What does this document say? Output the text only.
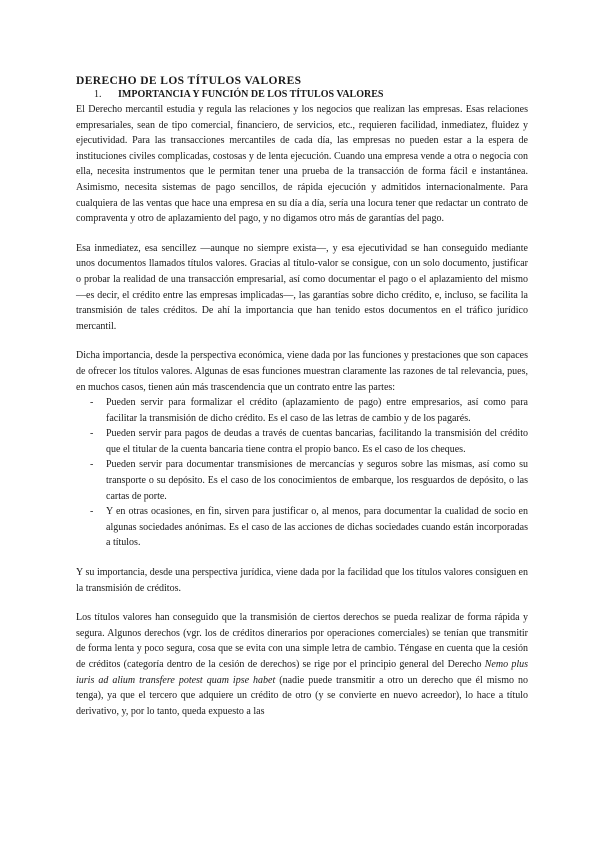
DERECHO DE LOS TÍTULOS VALORES
1.	IMPORTANCIA Y FUNCIÓN DE LOS TÍTULOS VALORES

El Derecho mercantil estudia y regula las relaciones y los negocios que realizan las empresas. Esas relaciones empresariales, sean de tipo comercial, financiero, de servicios, etc., requieren facilidad, inmediatez, fluidez y ejecutividad. Para las transacciones mercantiles de cada día, las empresas no pueden estar a la espera de instituciones civiles complicadas, costosas y de lenta ejecución. Cuando una empresa vende a otra o negocia con ella, necesita instrumentos que le permitan tener una prueba de la transacción de forma fácil e instantánea. Asimismo, necesita sistemas de pago sencillos, de rápida ejecución y admitidos internacionalmente. Para cualquiera de las ventas que hace una empresa en su día a día, sería una locura tener que redactar un contrato de compraventa y otro de aplazamiento del pago, y no digamos otro más de garantías del pago.

Esa inmediatez, esa sencillez —aunque no siempre exista—, y esa ejecutividad se han conseguido mediante unos documentos llamados títulos valores. Gracias al título-valor se consigue, con un solo documento, justificar o probar la realidad de una transacción empresarial, así como documentar el pago o el aplazamiento del mismo —es decir, el crédito entre las empresas implicadas—, las garantías sobre dicho crédito, e, incluso, se facilita la transmisión de tales créditos. De ahí la importancia que han tenido estos documentos en el tráfico jurídico mercantil.

Dicha importancia, desde la perspectiva económica, viene dada por las funciones y prestaciones que son capaces de ofrecer los títulos valores. Algunas de esas funciones muestran claramente las razones de tal relevancia, pues, en muchos casos, tienen aún más trascendencia que un contrato entre las partes:

- Pueden servir para formalizar el crédito (aplazamiento de pago) entre empresarios, así como para facilitar la transmisión de dicho crédito. Es el caso de las letras de cambio y de los pagarés.
- Pueden servir para pagos de deudas a través de cuentas bancarias, facilitando la transmisión del crédito que el titular de la cuenta bancaria tiene contra el propio banco. Es el caso de los cheques.
- Pueden servir para documentar transmisiones de mercancías y seguros sobre las mismas, así como su transporte o su depósito. Es el caso de los conocimientos de embarque, los resguardos de depósito, o las cartas de porte.
- Y en otras ocasiones, en fin, sirven para justificar o, al menos, para documentar la cualidad de socio en algunas sociedades anónimas. Es el caso de las acciones de dichas sociedades cuando están incorporadas a títulos.

Y su importancia, desde una perspectiva jurídica, viene dada por la facilidad que los títulos valores consiguen en la transmisión de créditos.

Los títulos valores han conseguido que la transmisión de ciertos derechos se pueda realizar de forma rápida y segura. Algunos derechos (vgr. los de créditos dinerarios por operaciones comerciales) se tenían que transmitir de forma lenta y poco segura, cosa que se evita con una simple letra de cambio. Téngase en cuenta que la cesión de créditos (categoría dentro de la cesión de derechos) se rige por el principio general del Derecho Nemo plus iuris ad alium transfere potest quam ipse habet (nadie puede transmitir a otro un derecho que él mismo no tenga), ya que el tercero que adquiere un crédito de otro (y se convierte en nuevo acreedor), lo hace a título derivativo, y, por lo tanto, queda expuesto a las
